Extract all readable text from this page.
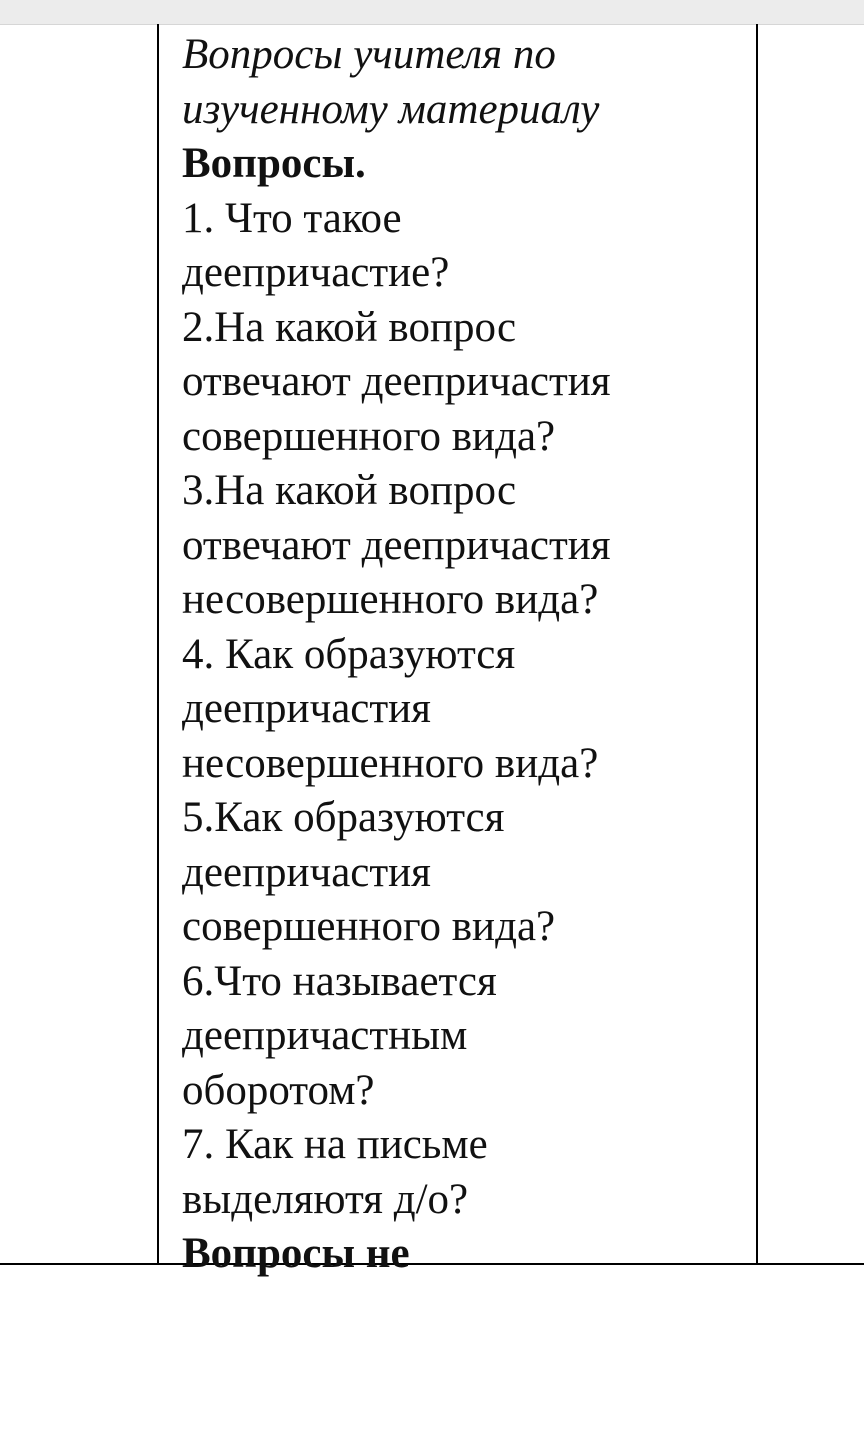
Вопросы учителя по
изученному материалу
Вопросы.
1. Что такое
деепричастие?
2.На какой вопрос
отвечают деепричастия
совершенного вида?
3.На какой вопрос
отвечают деепричастия
несовершенного вида?
4. Как образуются
деепричастия
несовершенного вида?
5.Как образуются
деепричастия
совершенного вида?
6.Что называется
деепричастным
оборотом?
7. Как на письме
выделяютя д/о?
Вопросы не
